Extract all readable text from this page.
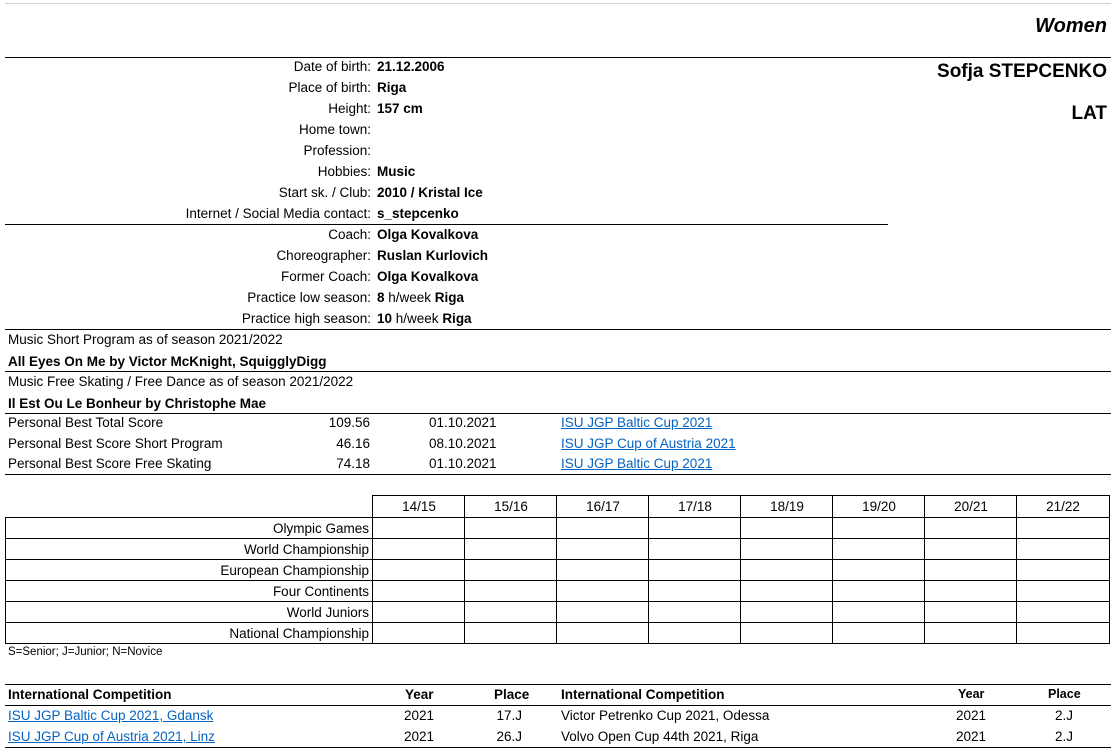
Women
Sofja STEPCENKO
LAT
Date of birth: 21.12.2006
Place of birth: Riga
Height: 157 cm
Home town:
Profession:
Hobbies: Music
Start sk. / Club: 2010 / Kristal Ice
Internet / Social Media contact: s_stepcenko
Coach: Olga Kovalkova
Choreographer: Ruslan Kurlovich
Former Coach: Olga Kovalkova
Practice low season: 8 h/week Riga
Practice high season: 10 h/week Riga
Music Short Program as of season 2021/2022
All Eyes On Me by Victor McKnight, SquigglyDigg
Music Free Skating / Free Dance as of season 2021/2022
Il Est Ou Le Bonheur by Christophe Mae
Personal Best Total Score	109.56	01.10.2021	ISU JGP Baltic Cup 2021
Personal Best Score Short Program	46.16	08.10.2021	ISU JGP Cup of Austria 2021
Personal Best Score Free Skating	74.18	01.10.2021	ISU JGP Baltic Cup 2021
14/15	15/16	16/17	17/18	18/19	19/20	20/21	21/22
Olympic Games
World Championship
European Championship
Four Continents
World Juniors
National Championship
S=Senior; J=Junior; N=Novice
International Competition	Year	Place International Competition	Year	Place
ISU JGP Baltic Cup 2021, Gdansk	2021	17.J	Victor Petrenko Cup 2021, Odessa	2021	2.J
ISU JGP Cup of Austria 2021, Linz	2021	26.J	Volvo Open Cup 44th 2021, Riga	2021	2.J
